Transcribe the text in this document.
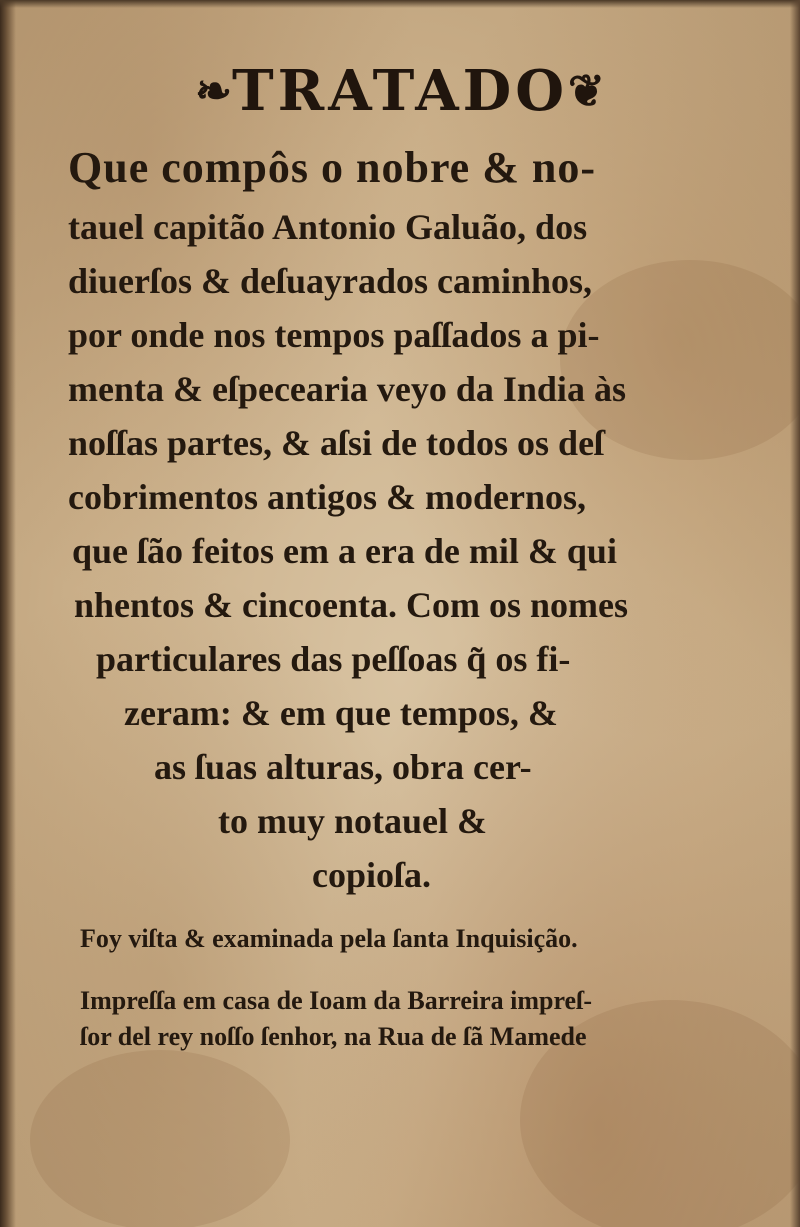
❧TRATADO❦
Que compôs o nobre & no-
tauel capitão Antonio Galuão, dos
diuerſos & deſuayrados caminhos,
por onde nos tempos paſſados a pi-
menta & eſpecearia veyo da India às
noſſas partes, & aſsi de todos os deſ
cobrimentos antigos & modernos,
que ſão feitos em a era de mil & qui
nhentos & cincoenta. Com os nomes
particulares das peſſoas q̃ os fi-
zeram: & em que tempos, &
as ſuas alturas, obra cer-
to muy notauel &
copioſa.
Foy viſta & examinada pela ſanta Inquisição.
Impreſſa em casa de Ioam da Barreira impreſ-
ſor del rey noſſo ſenhor, na Rua de ſã Mamede
